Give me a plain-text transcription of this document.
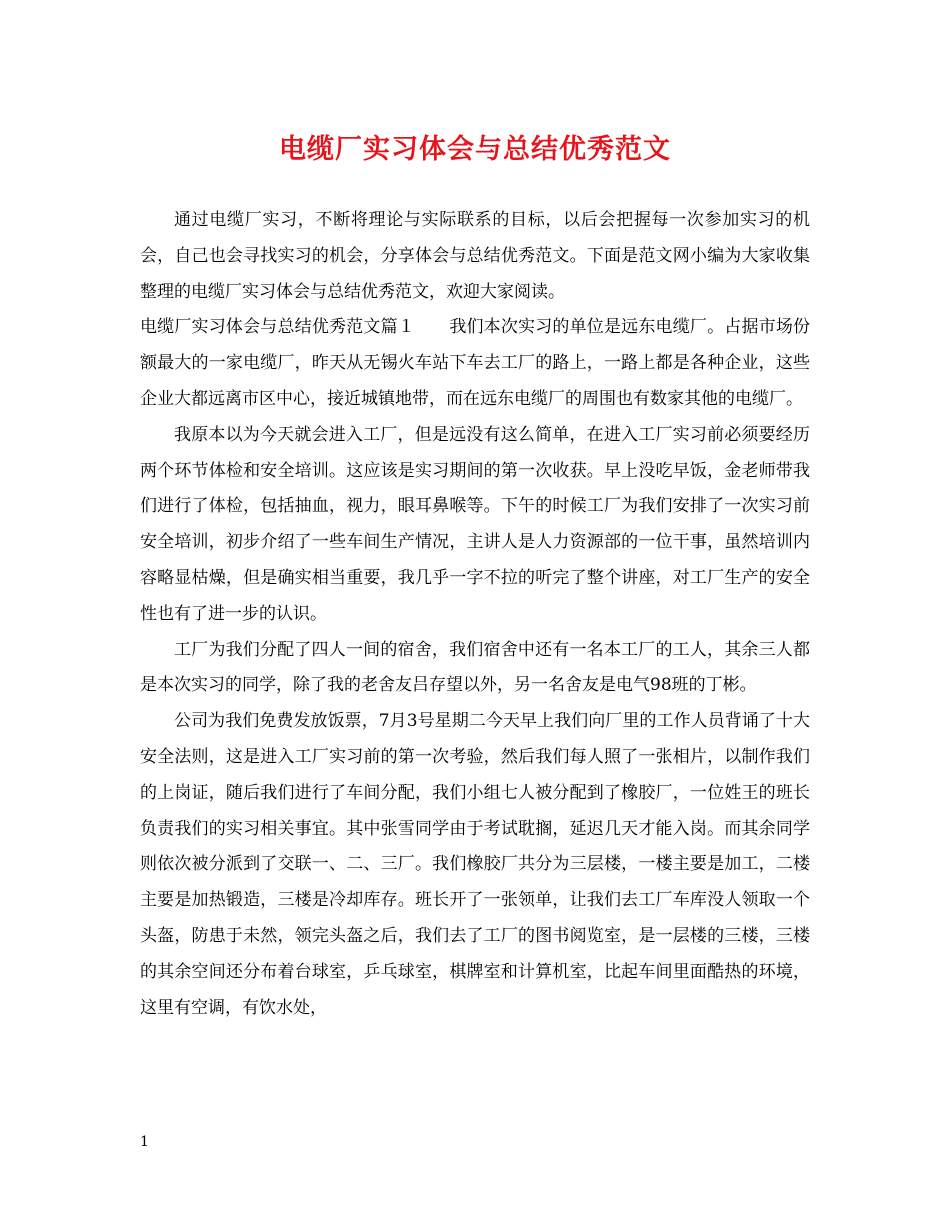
电缆厂实习体会与总结优秀范文

通过电缆厂实习，不断将理论与实际联系的目标，以后会把握每一次参加实习的机会，自己也会寻找实习的机会，分享体会与总结优秀范文。下面是范文网小编为大家收集整理的电缆厂实习体会与总结优秀范文，欢迎大家阅读。

电缆厂实习体会与总结优秀范文篇１　　我们本次实习的单位是远东电缆厂。占据市场份额最大的一家电缆厂，昨天从无锡火车站下车去工厂的路上，一路上都是各种企业，这些企业大都远离市区中心，接近城镇地带，而在远东电缆厂的周围也有数家其他的电缆厂。

我原本以为今天就会进入工厂，但是远没有这么简单，在进入工厂实习前必须要经历两个环节体检和安全培训。这应该是实习期间的第一次收获。早上没吃早饭，金老师带我们进行了体检，包括抽血，视力，眼耳鼻喉等。下午的时候工厂为我们安排了一次实习前安全培训，初步介绍了一些车间生产情况，主讲人是人力资源部的一位干事，虽然培训内容略显枯燥，但是确实相当重要，我几乎一字不拉的听完了整个讲座，对工厂生产的安全性也有了进一步的认识。

工厂为我们分配了四人一间的宿舍，我们宿舍中还有一名本工厂的工人，其余三人都是本次实习的同学，除了我的老舍友吕存望以外，另一名舍友是电气98班的丁彬。

公司为我们免费发放饭票，7月3号星期二今天早上我们向厂里的工作人员背诵了十大安全法则，这是进入工厂实习前的第一次考验，然后我们每人照了一张相片，以制作我们的上岗证，随后我们进行了车间分配，我们小组七人被分配到了橡胶厂，一位姓王的班长负责我们的实习相关事宜。其中张雪同学由于考试耽搁，延迟几天才能入岗。而其余同学则依次被分派到了交联一、二、三厂。我们橡胶厂共分为三层楼，一楼主要是加工，二楼主要是加热锻造，三楼是冷却库存。班长开了一张领单，让我们去工厂车库没人领取一个头盔，防患于未然，领完头盔之后，我们去了工厂的图书阅览室，是一层楼的三楼，三楼的其余空间还分布着台球室，乒乓球室，棋牌室和计算机室，比起车间里面酷热的环境，这里有空调，有饮水处，

1
